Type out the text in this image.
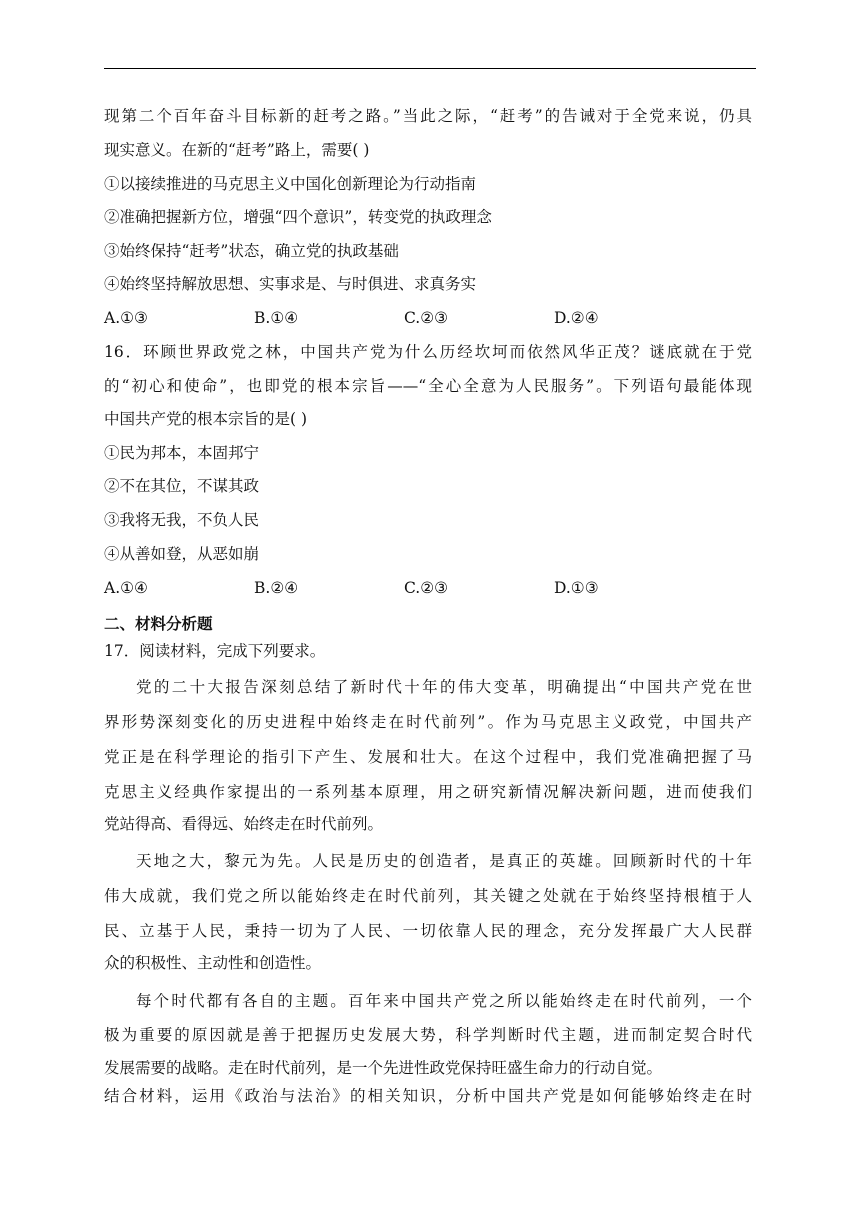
现第二个百年奋斗目标新的赶考之路。”当此之际，“赶考”的告诫对于全党来说，仍具
现实意义。在新的“赶考”路上，需要( )
①以接续推进的马克思主义中国化创新理论为行动指南
②准确把握新方位，增强“四个意识”，转变党的执政理念
③始终保持“赶考”状态，确立党的执政基础
④始终坚持解放思想、实事求是、与时俱进、求真务实
A.①③	B.①④	C.②③	D.②④
16．环顾世界政党之林，中国共产党为什么历经坎坷而依然风华正茂？谜底就在于党
的“初心和使命”，也即党的根本宗旨——“全心全意为人民服务”。下列语句最能体现
中国共产党的根本宗旨的是( )
①民为邦本，本固邦宁
②不在其位，不谋其政
③我将无我，不负人民
④从善如登，从恶如崩
A.①④	B.②④	C.②③	D.①③
二、材料分析题
17．阅读材料，完成下列要求。
党的二十大报告深刻总结了新时代十年的伟大变革，明确提出“中国共产党在世
界形势深刻变化的历史进程中始终走在时代前列”。作为马克思主义政党，中国共产
党正是在科学理论的指引下产生、发展和壮大。在这个过程中，我们党准确把握了马
克思主义经典作家提出的一系列基本原理，用之研究新情况解决新问题，进而使我们
党站得高、看得远、始终走在时代前列。
天地之大，黎元为先。人民是历史的创造者，是真正的英雄。回顾新时代的十年
伟大成就，我们党之所以能始终走在时代前列，其关键之处就在于始终坚持根植于人
民、立基于人民，秉持一切为了人民、一切依靠人民的理念，充分发挥最广大人民群
众的积极性、主动性和创造性。
每个时代都有各自的主题。百年来中国共产党之所以能始终走在时代前列，一个
极为重要的原因就是善于把握历史发展大势，科学判断时代主题，进而制定契合时代
发展需要的战略。走在时代前列，是一个先进性政党保持旺盛生命力的行动自觉。
结合材料，运用《政治与法治》的相关知识，分析中国共产党是如何能够始终走在时
